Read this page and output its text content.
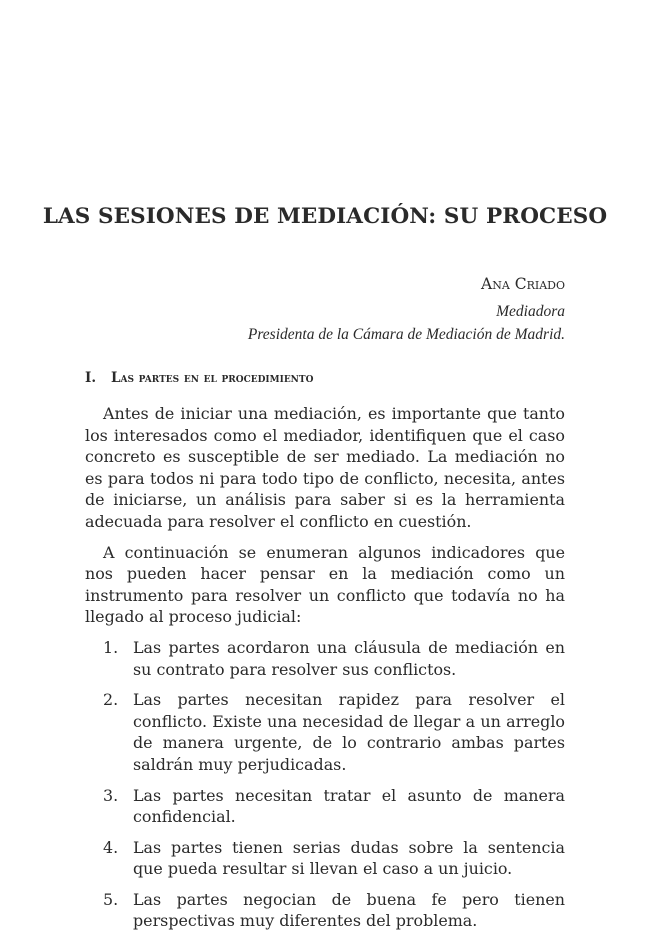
LAS SESIONES DE MEDIACIÓN: SU PROCESO

Ana Criado

Mediadora

Presidenta de la Cámara de Mediación de Madrid.

I. Las partes en el procedimiento

Antes de iniciar una mediación, es importante que tanto los interesados como el mediador, identifiquen que el caso concreto es susceptible de ser mediado. La mediación no es para todos ni para todo tipo de conflicto, necesita, antes de iniciarse, un análisis para saber si es la herramienta adecuada para resolver el conflicto en cuestión.

A continuación se enumeran algunos indicadores que nos pueden hacer pensar en la mediación como un instrumento para resolver un conflicto que todavía no ha llegado al proceso judicial:

1. Las partes acordaron una cláusula de mediación en su contrato para resolver sus conflictos.
2. Las partes necesitan rapidez para resolver el conflicto. Existe una necesidad de llegar a un arreglo de manera urgente, de lo contrario ambas partes saldrán muy perjudicadas.
3. Las partes necesitan tratar el asunto de manera confidencial.
4. Las partes tienen serias dudas sobre la sentencia que pueda resultar si llevan el caso a un juicio.
5. Las partes negocian de buena fe pero tienen perspectivas muy diferentes del problema.
